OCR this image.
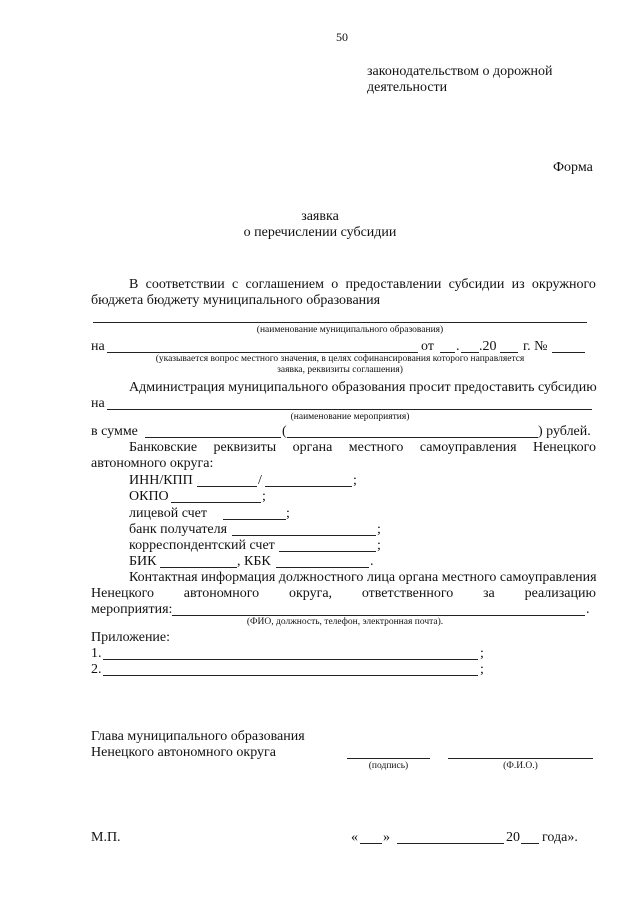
50
законодательством о дорожной
деятельности
Форма
заявка
о перечислении субсидии
В соответствии с соглашением о предоставлении субсидии из окружного
бюджета бюджету муниципального образования
(наименование муниципального образования)
на	от . .20 г. №
(указывается вопрос местного значения, в целях софинансирования которого направляется
заявка, реквизиты соглашения)
Администрация муниципального образования просит предоставить субсидию
на
(наименование мероприятия)
в сумме	(	) рублей.
Банковские реквизиты органа местного самоуправления Ненецкого
автономного округа:
ИНН/КПП	/	;
ОКПО	;
лицевой счет	;
банк получателя	;
корреспондентский счет	;
БИК	, КБК	.
Контактная информация должностного лица органа местного самоуправления
Ненецкого автономного округа, ответственного за реализацию
мероприятия:	.
(ФИО, должность, телефон, электронная почта).
Приложение:
1.	;
2.	;
Глава муниципального образования
Ненецкого автономного округа
(подпись)	(Ф.И.О.)
М.П.	« »	20 года».
